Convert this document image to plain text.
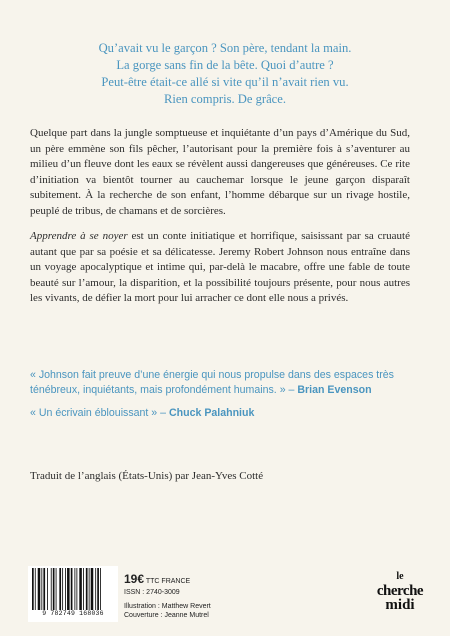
Qu’avait vu le garçon ? Son père, tendant la main.
La gorge sans fin de la bête. Quoi d’autre ?
Peut-être était-ce allé si vite qu’il n’avait rien vu.
Rien compris. De grâce.

Quelque part dans la jungle somptueuse et inquiétante d’un pays d’Amérique du Sud, un père emmène son fils pêcher, l’autorisant pour la première fois à s’aventurer au milieu d’un fleuve dont les eaux se révèlent aussi dangereuses que généreuses. Ce rite d’initiation va bientôt tourner au cauchemar lorsque le jeune garçon disparaît subitement. À la recherche de son enfant, l’homme débarque sur un rivage hostile, peuplé de tribus, de chamans et de sorcières.

Apprendre à se noyer est un conte initiatique et horrifique, saisissant par sa cruauté autant que par sa poésie et sa délicatesse. Jeremy Robert Johnson nous entraîne dans un voyage apocalyptique et intime qui, par-delà le macabre, offre une fable de toute beauté sur l’amour, la disparition, et la possibilité toujours présente, pour nous autres les vivants, de défier la mort pour lui arracher ce dont elle nous a privés.

« Johnson fait preuve d’une énergie qui nous propulse dans des espaces très ténébreux, inquiétants, mais profondément humains. » – Brian Evenson

« Un écrivain éblouissant » – Chuck Palahniuk

Traduit de l’anglais (États-Unis) par Jean-Yves Cotté
9 782749 168036
19€ TTC FRANCE
ISSN : 2740-3009
Illustration : Matthew Revert
Couverture : Jeanne Mutrel
le
cherche
midi
